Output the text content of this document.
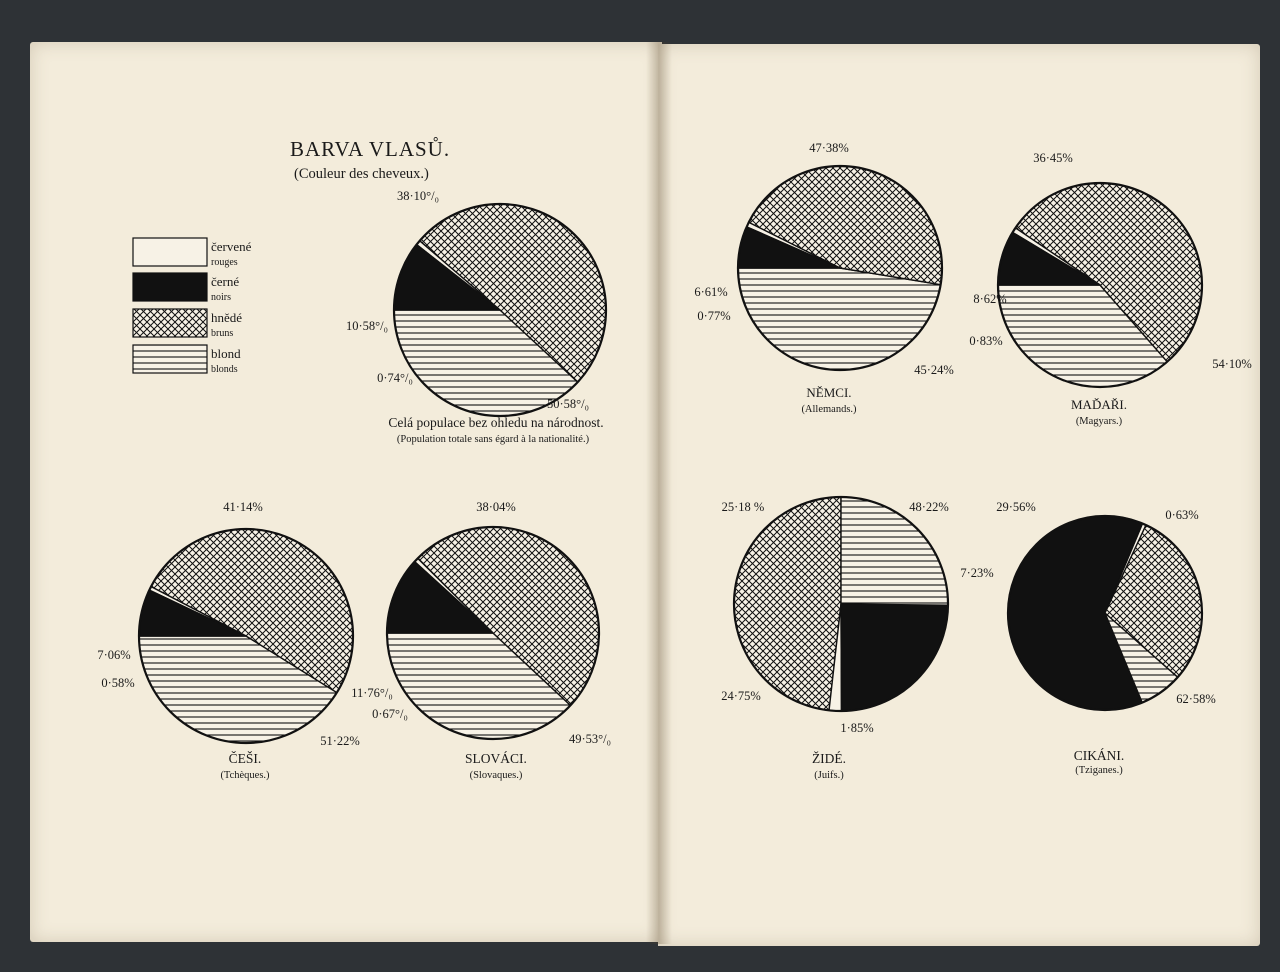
BARVA VLASŮ.
(Couleur des cheveux.)
červené
rouges
černé
noirs
hnědé
bruns
blond
blonds
38·10°/₀
50·58°/₀
0·74°/₀
10·58°/₀
Celá populace bez ohledu na národnost.
(Population totale sans égard à la nationalité.)
47·38%
45·24%
0·77%
6·61%
NĚMCI.
(Allemands.)
36·45%
54·10%
0·83%
8·62%
MAĎAŘI.
(Magyars.)
41·14%
51·22%
0·58%
7·06%
ČEŠI.
(Tchèques.)
38·04%
49·53°/₀
0·67°/₀
11·76°/₀
SLOVÁCI.
(Slovaques.)
48·22%
1·85%
24·75%
25·18 %
ŽIDÉ.
(Juifs.)
0·63%
62·58%
7·23%
29·56%
CIKÁNI.
(Tziganes.)
